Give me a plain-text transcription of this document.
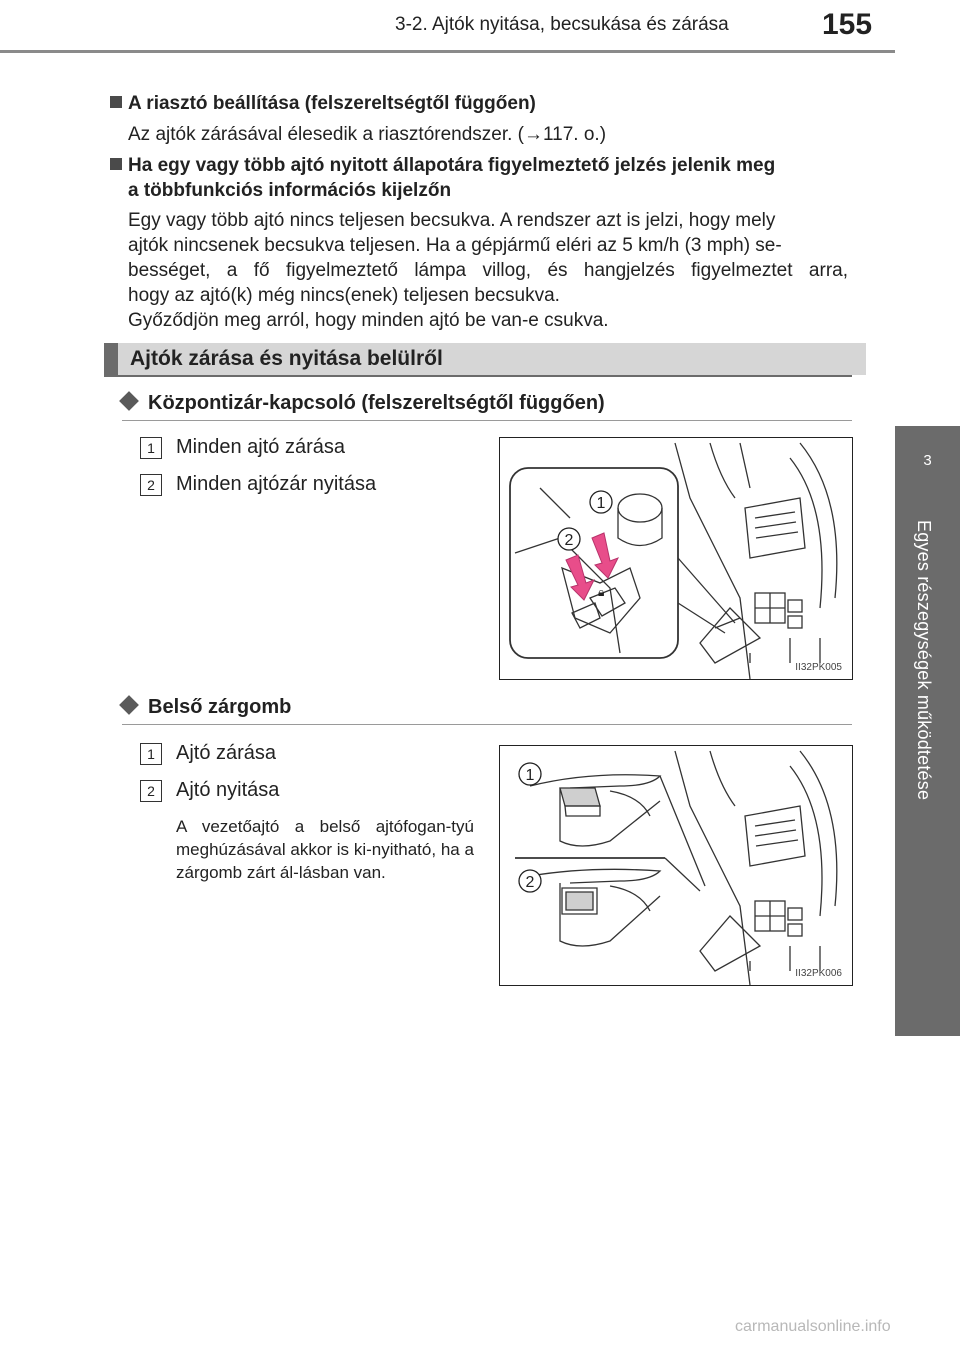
3-2. Ajtók nyitása, becsukása és zárása	155
3
Egyes részegységek működtetése
A riasztó beállítása (felszereltségtől függően)
Az ajtók zárásával élesedik a riasztórendszer. (→117. o.)
Ha egy vagy több ajtó nyitott állapotára figyelmeztető jelzés jelenik meg
a többfunkciós információs kijelzőn
Egy vagy több ajtó nincs teljesen becsukva. A rendszer azt is jelzi, hogy mely
ajtók nincsenek becsukva teljesen. Ha a gépjármű eléri az 5 km/h (3 mph) se-
bességet, a fő figyelmeztető lámpa villog, és hangjelzés figyelmeztet arra,
hogy az ajtó(k) még nincs(enek) teljesen becsukva.
Győződjön meg arról, hogy minden ajtó be van-e csukva.
Ajtók zárása és nyitása belülről
Központizár-kapcsoló (felszereltségtől függően)
1	Minden ajtó zárása
2	Minden ajtózár nyitása
🔒︎
1
2
II32PK005
Belső zárgomb
1	Ajtó zárása
2	Ajtó nyitása
A vezetőajtó a belső ajtófogan-tyú meghúzásával akkor is ki-nyitható, ha a zárgomb zárt ál-lásban van.
1
2
II32PK006
carmanualsonline.info
